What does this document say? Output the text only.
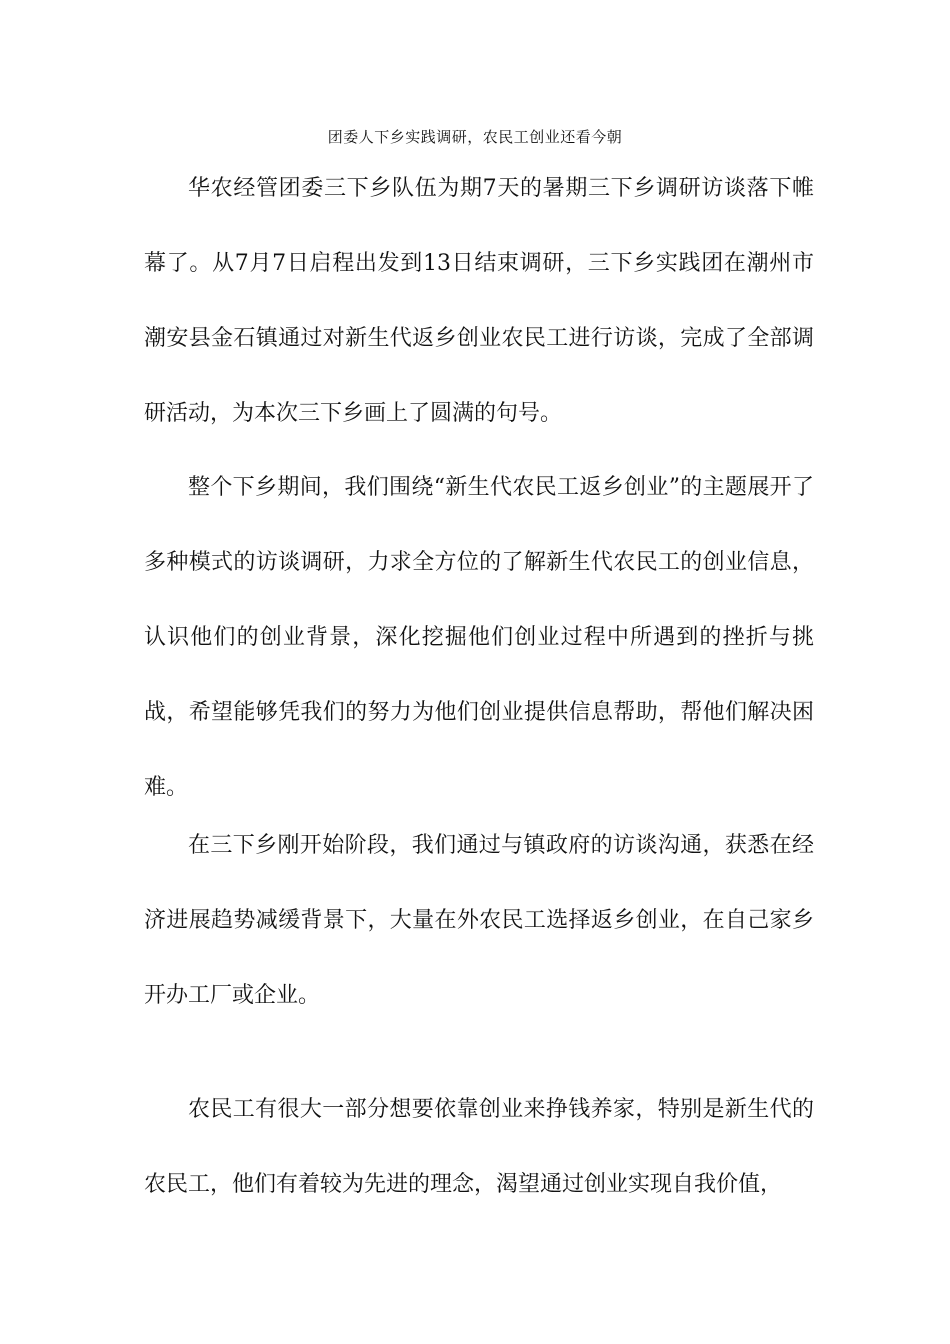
团委人下乡实践调研，农民工创业还看今朝

华农经管团委三下乡队伍为期7天的暑期三下乡调研访谈落下帷幕了。从7月7日启程出发到13日结束调研，三下乡实践团在潮州市潮安县金石镇通过对新生代返乡创业农民工进行访谈，完成了全部调研活动，为本次三下乡画上了圆满的句号。

整个下乡期间，我们围绕“新生代农民工返乡创业”的主题展开了多种模式的访谈调研，力求全方位的了解新生代农民工的创业信息，认识他们的创业背景，深化挖掘他们创业过程中所遇到的挫折与挑战，希望能够凭我们的努力为他们创业提供信息帮助，帮他们解决困难。

在三下乡刚开始阶段，我们通过与镇政府的访谈沟通，获悉在经济进展趋势减缓背景下，大量在外农民工选择返乡创业，在自己家乡开办工厂或企业。

农民工有很大一部分想要依靠创业来挣钱养家，特别是新生代的农民工，他们有着较为先进的理念，渴望通过创业实现自我价值，
